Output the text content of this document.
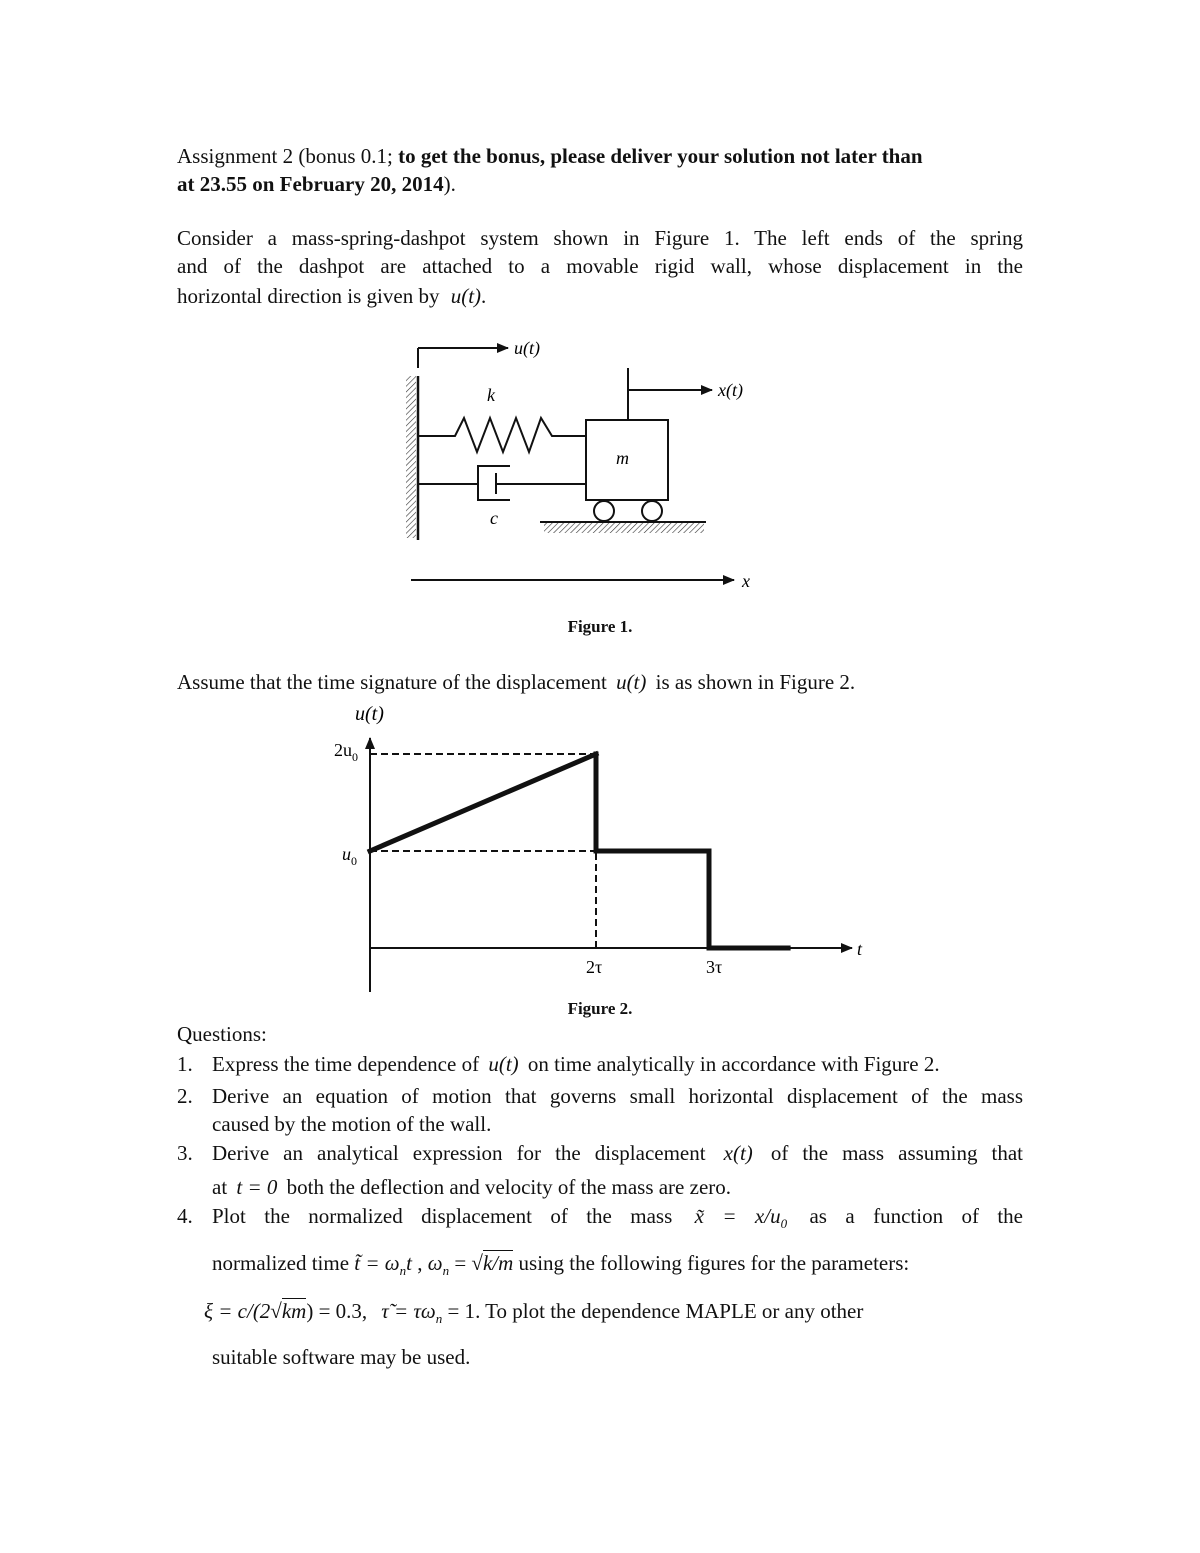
Assignment 2 (bonus 0.1; to get the bonus, please deliver your solution not later than
at 23.55 on February 20, 2014).
Consider a mass-spring-dashpot system shown in Figure 1. The left ends of the spring
and of the dashpot are attached to a movable rigid wall, whose displacement in the
horizontal direction is given by u(t).
u(t)
k
c
m
x(t)
x
Figure 1.
Assume that the time signature of the displacement u(t) is as shown in Figure 2.
u(t)
t
$2u_0$
$u_0$
2τ	3τ
Figure 2.
Questions:
1. Express the time dependence of u(t) on time analytically in accordance with Figure 2.
2. Derive an equation of motion that governs small horizontal displacement of the mass
caused by the motion of the wall.
3. Derive an analytical expression for the displacement x(t) of the mass assuming that
at t = 0 both the deflection and velocity of the mass are zero.
4. Plot the normalized displacement of the mass x̃ = $x/u_0$ as a function of the
normalized time t̃ = $\omega_nt$ , $\omega_n = √k/m$ using the following figures for the parameters:
ξ = c/(2√km) = 0.3, τ̃ = $\tau\omega_n = 1$. To plot the dependence MAPLE or any other
suitable software may be used.
